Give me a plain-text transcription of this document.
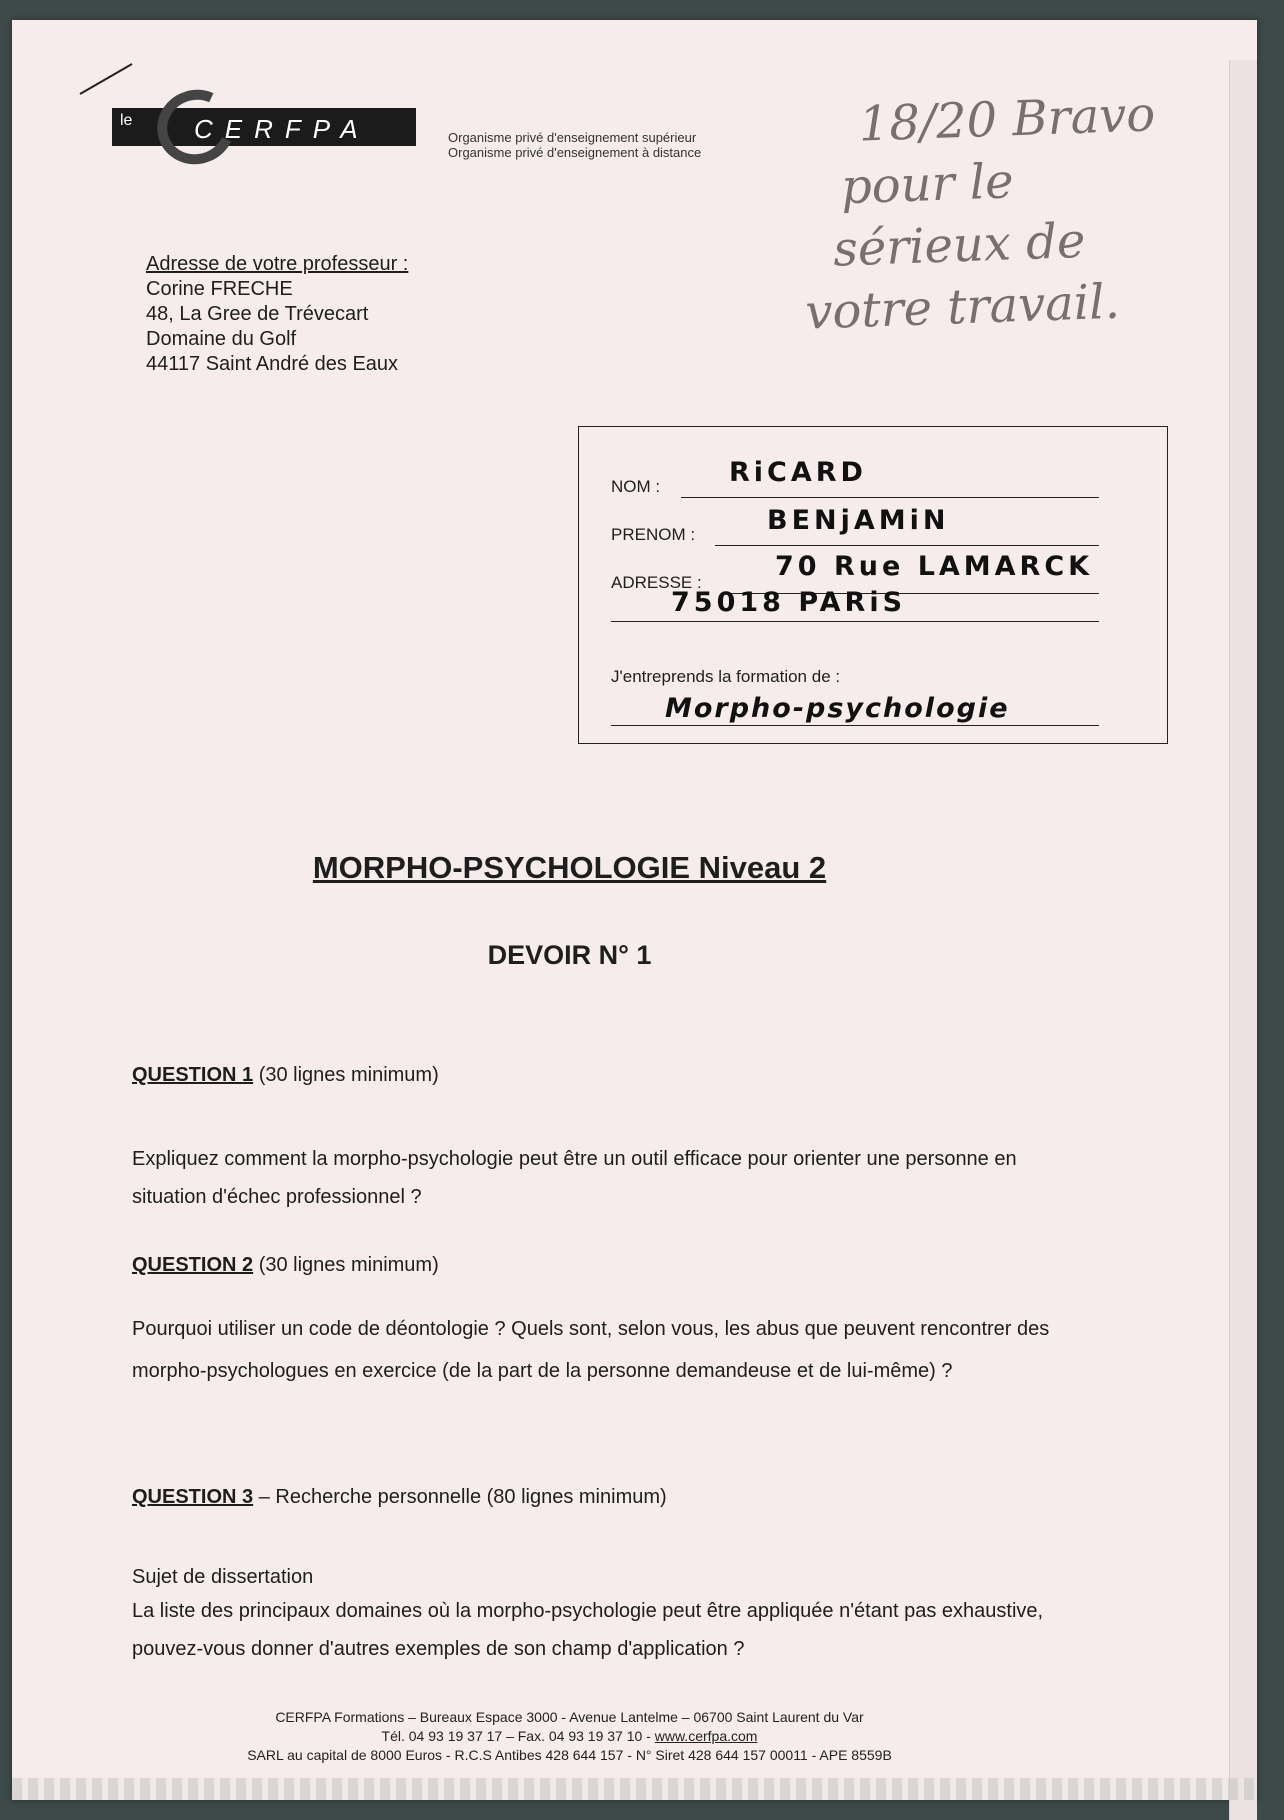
le CERFPA	Organisme privé d'enseignement supérieur
Organisme privé d'enseignement à distance	18/20 Bravo
pour le
sérieux de
votre travail.
Adresse de votre professeur :
Corine FRECHE
48, La Gree de Trévecart
Domaine du Golf
44117 Saint André des Eaux
NOM :	RiCARD
PRENOM :	BENjAMiN
ADRESSE :
70 Rue LAMARCK
75018 PARiS
J'entreprends la formation de :
Morpho-psychologie
MORPHO-PSYCHOLOGIE Niveau 2
DEVOIR N° 1
QUESTION 1 (30 lignes minimum)
Expliquez comment la morpho-psychologie peut être un outil efficace pour orienter une personne en situation d'échec professionnel ?
QUESTION 2 (30 lignes minimum)
Pourquoi utiliser un code de déontologie ? Quels sont, selon vous, les abus que peuvent rencontrer des morpho-psychologues en exercice (de la part de la personne demandeuse et de lui-même) ?
QUESTION 3 – Recherche personnelle (80 lignes minimum)
Sujet de dissertation
La liste des principaux domaines où la morpho-psychologie peut être appliquée n'étant pas exhaustive, pouvez-vous donner d'autres exemples de son champ d'application ?
CERFPA Formations – Bureaux Espace 3000 - Avenue Lantelme – 06700 Saint Laurent du Var
Tél. 04 93 19 37 17 – Fax. 04 93 19 37 10 - www.cerfpa.com
SARL au capital de 8000 Euros - R.C.S Antibes 428 644 157 - N° Siret 428 644 157 00011 - APE 8559B
